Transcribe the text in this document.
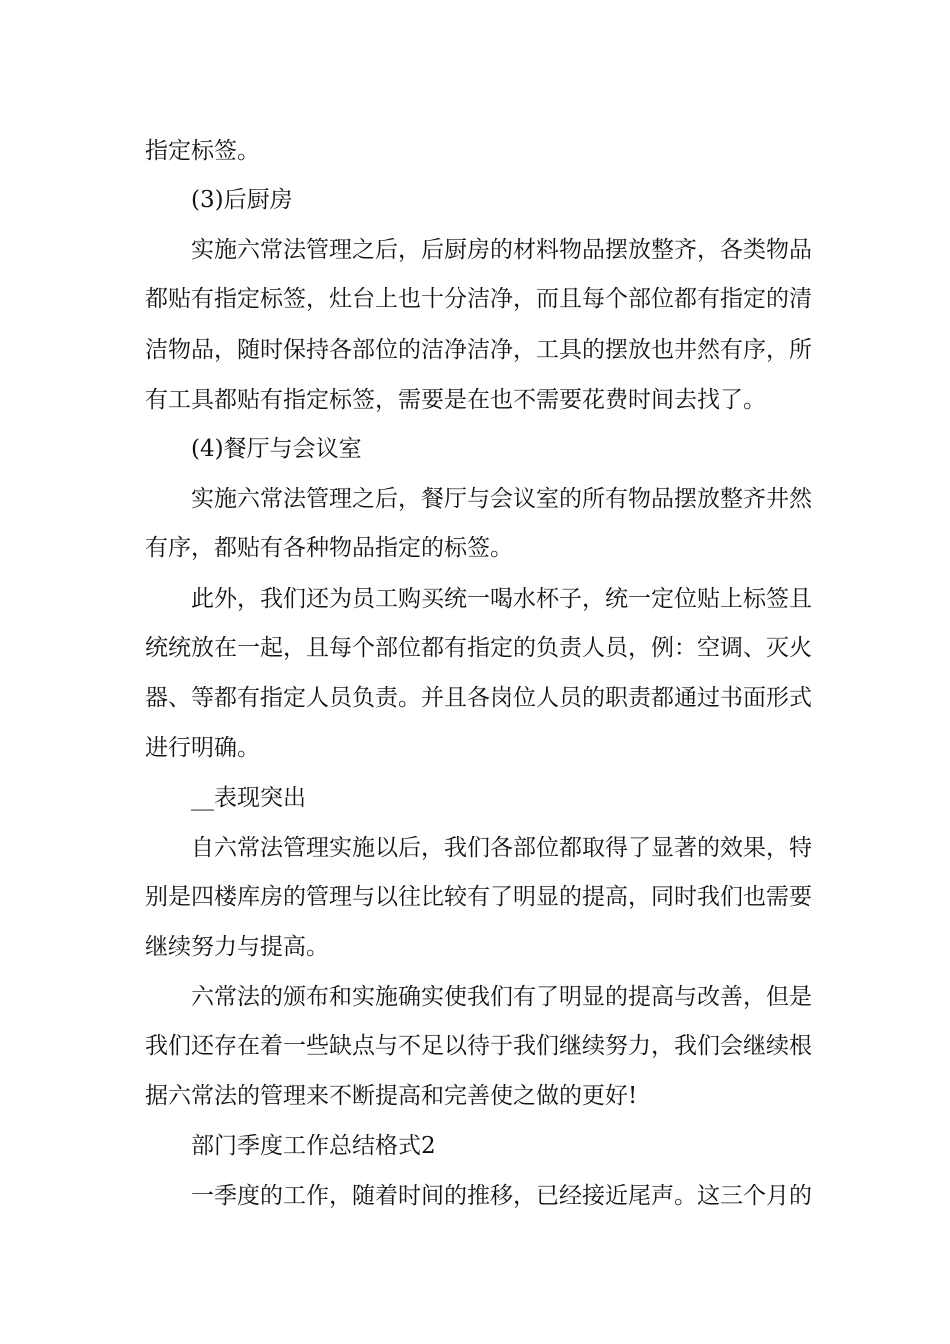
指定标签。

(3)后厨房

实施六常法管理之后，后厨房的材料物品摆放整齐，各类物品

都贴有指定标签，灶台上也十分洁净，而且每个部位都有指定的清

洁物品，随时保持各部位的洁净洁净，工具的摆放也井然有序，所

有工具都贴有指定标签，需要是在也不需要花费时间去找了。

(4)餐厅与会议室

实施六常法管理之后，餐厅与会议室的所有物品摆放整齐井然

有序，都贴有各种物品指定的标签。

此外，我们还为员工购买统一喝水杯子，统一定位贴上标签且

统统放在一起，且每个部位都有指定的负责人员，例：空调、灭火

器、等都有指定人员负责。并且各岗位人员的职责都通过书面形式

进行明确。

__表现突出

自六常法管理实施以后，我们各部位都取得了显著的效果，特

别是四楼库房的管理与以往比较有了明显的提高，同时我们也需要

继续努力与提高。

六常法的颁布和实施确实使我们有了明显的提高与改善，但是

我们还存在着一些缺点与不足以待于我们继续努力，我们会继续根

据六常法的管理来不断提高和完善使之做的更好!

部门季度工作总结格式2

一季度的工作，随着时间的推移，已经接近尾声。这三个月的
